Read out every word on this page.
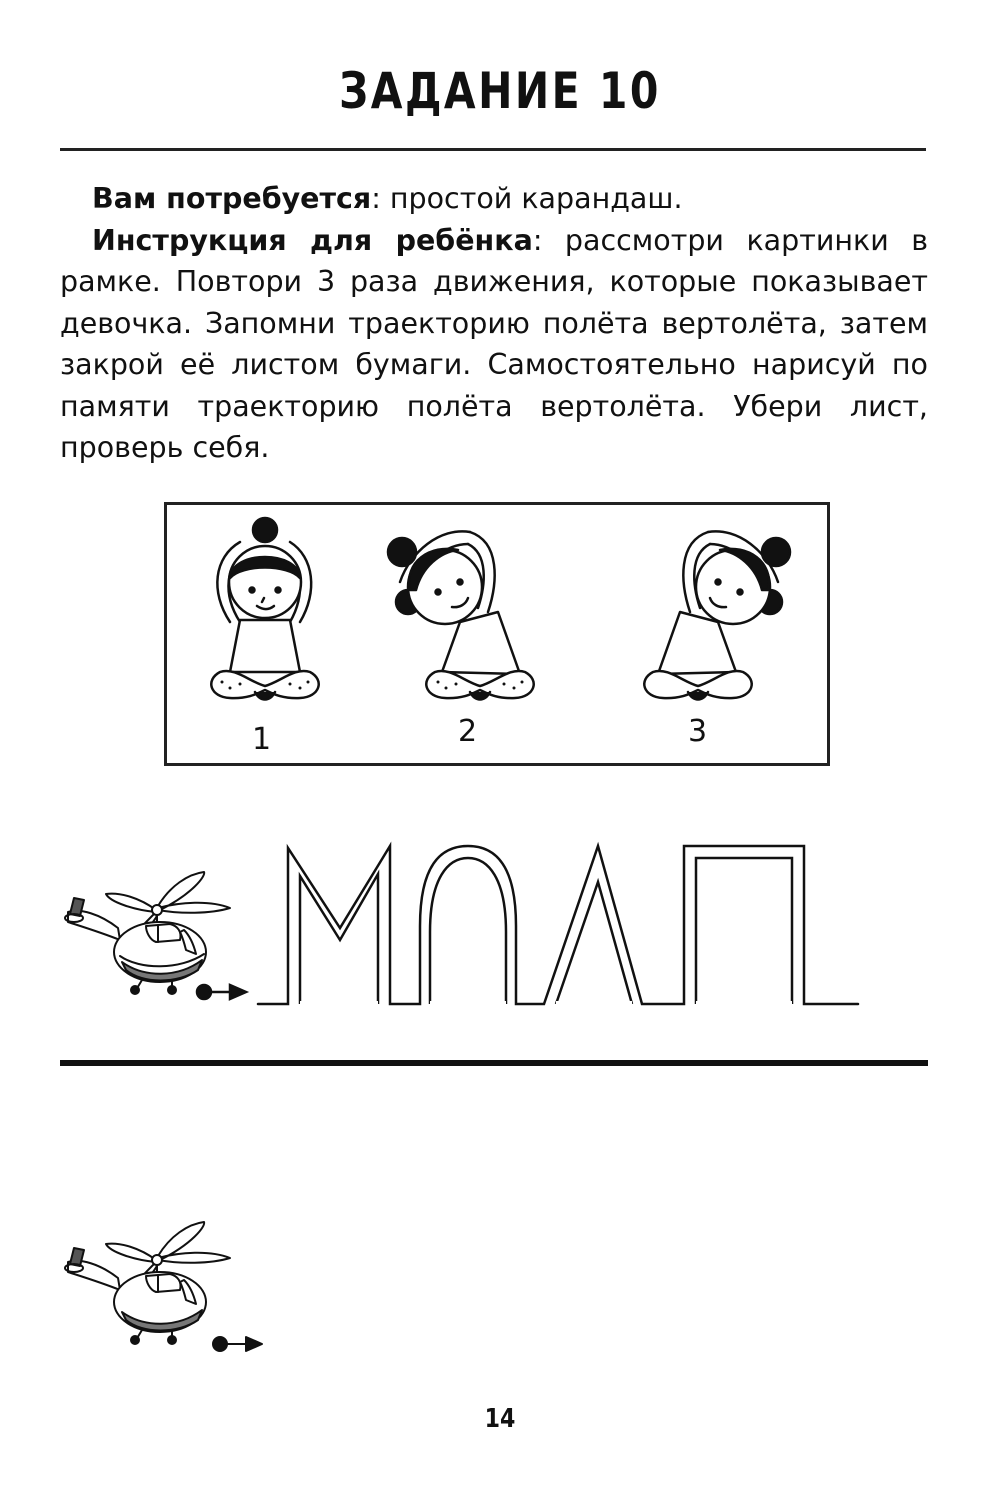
ЗАДАНИЕ 10

Вам потребуется: простой карандаш.

Инструкция для ребёнка: рассмотри картинки в рамке. Повтори 3 раза движения, которые показывает девочка. Запомни траекторию полёта вертолёта, затем закрой её листом бумаги. Самостоятельно нарисуй по памяти траекторию полёта вертолёта. Убери лист, проверь себя.

1	2	3
14
